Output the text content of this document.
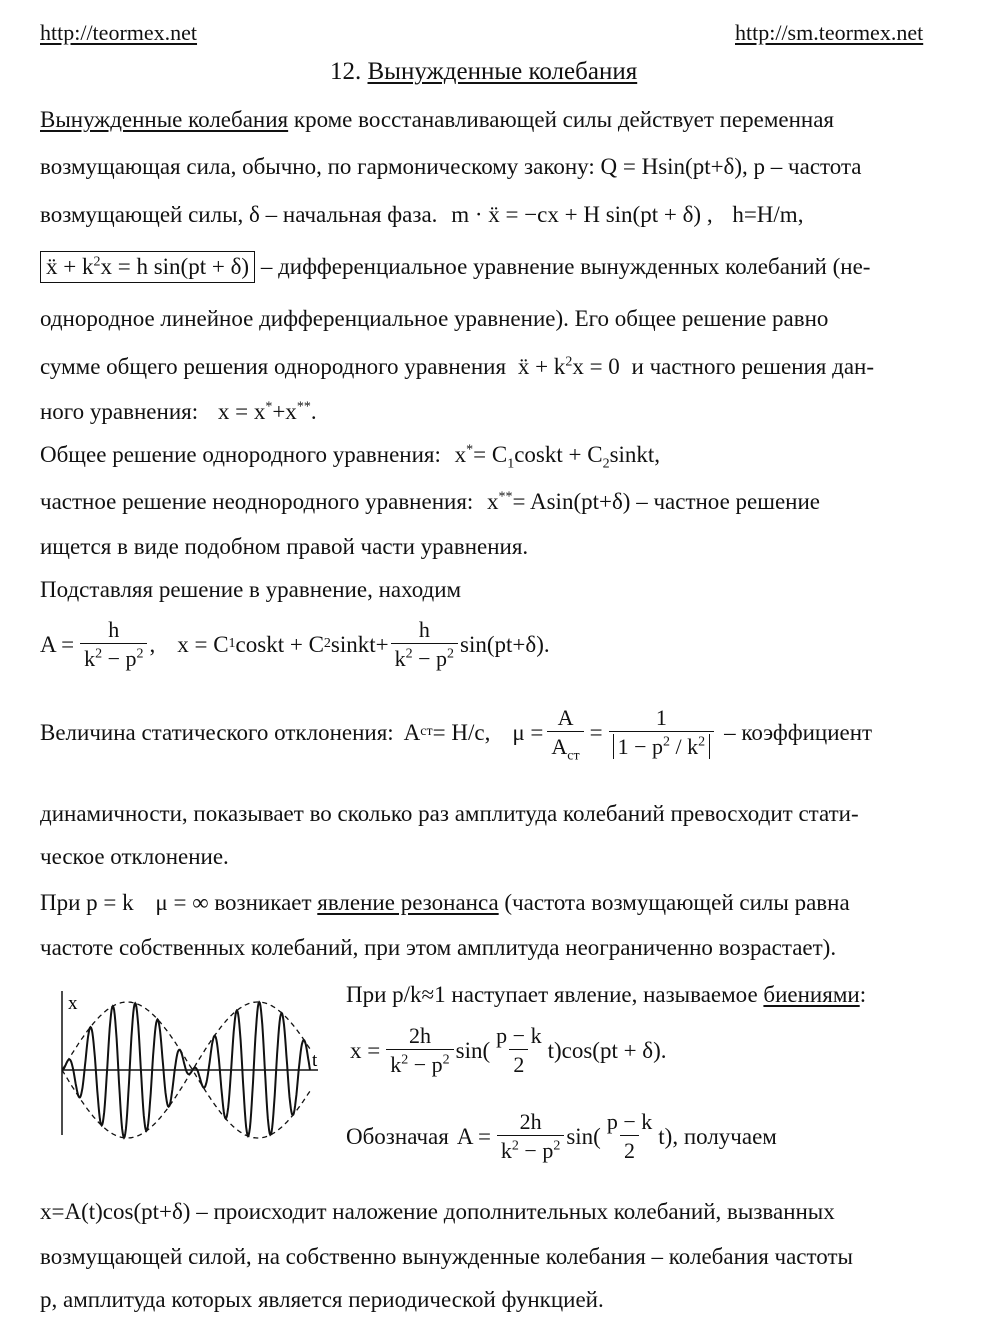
http://teormex.net	http://sm.teormex.net
12. Вынужденные колебания
Вынужденные колебания кроме восстанавливающей силы действует переменная
возмущающая сила, обычно, по гармоническому закону: Q = Hsin(pt+δ), p – частота
возмущающей силы, δ – начальная фаза. m · ẍ = −cx + H sin(pt + δ) , h=H/m,
ẍ + $k^2x = h$ sin(pt + δ) – дифференциальное уравнение вынужденных колебаний (не-
однородное линейное дифференциальное уравнение). Его общее решение равно
сумме общего решения однородного уравнения ẍ + $k^2x = 0$ и частного решения дан-
ного уравнения: x = x*+x**.
Общее решение однородного уравнения: $x^*= C_1coskt$ + $C_2sinkt$,
частное решение неоднородного уравнения: x**= Asin(pt+δ) – частное решение
ищется в виде подобном правой части уравнения.
Подставляя решение в уравнение, находим
$A = \frac{h}{k^2 - p^2}$ , x = C 1 coskt + C 2 sinkt+ $\frac{h}{k^2 - p^2} \sin(pt+\delta)$.
Величина статического отклонения: A ст = H/c, $\mu = \frac{A}{A_{ст}} = \frac{1}{1 - p^2 / k^2}$ – коэффициент
динамичности, показывает во сколько раз амплитуда колебаний превосходит стати-
ческое отклонение.
При p = k μ = ∞ возникает явление резонанса (частота возмущающей силы равна
частоте собственных колебаний, при этом амплитуда неограниченно возрастает).
x
t
При p/k≈1 наступает явление, называемое биениями:
$x = \frac{2h}{k^2 - p^2} \sin( \frac{p - k}{2} t)\cos(pt + \delta)$.
Обозначая $A = \frac{2h}{k^2 - p^2} \sin( \frac{p - k}{2} t)$ , получаем
x=A(t)cos(pt+δ) – происходит наложение дополнительных колебаний, вызванных
возмущающей силой, на собственно вынужденные колебания – колебания частоты
p, амплитуда которых является периодической функцией.
